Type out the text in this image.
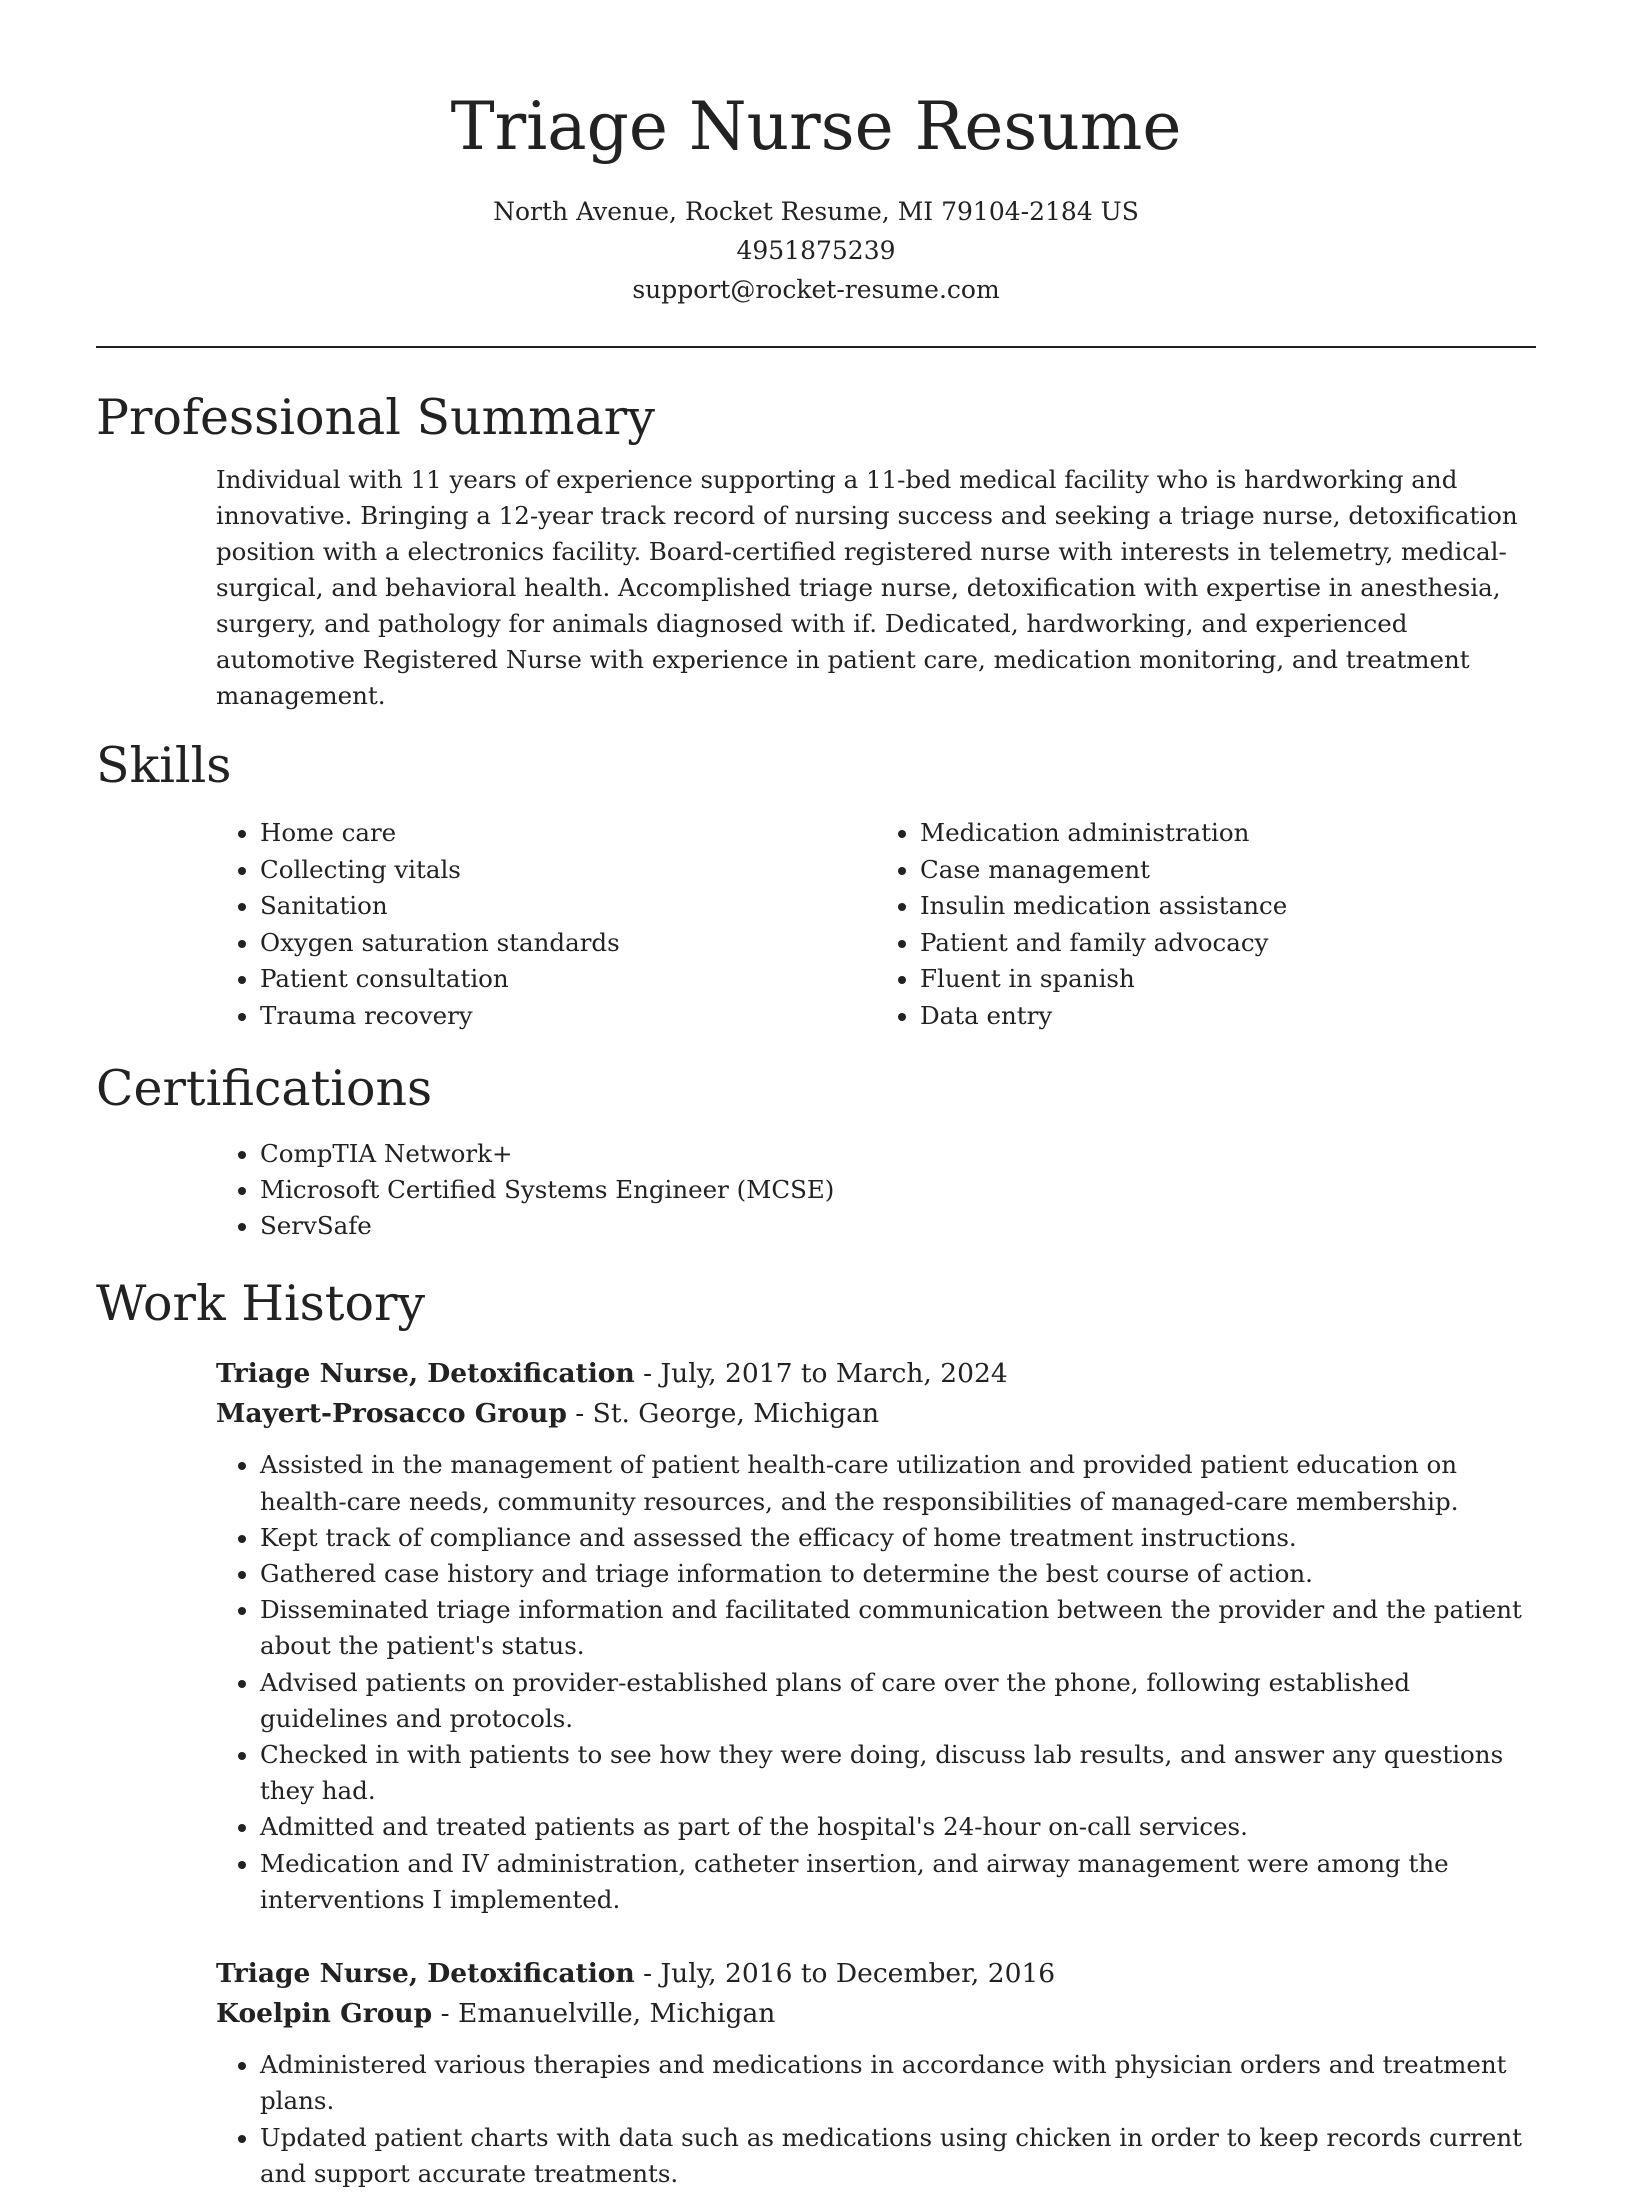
Triage Nurse Resume
North Avenue, Rocket Resume, MI 79104-2184 US
4951875239
support@rocket-resume.com
Professional Summary

Individual with 11 years of experience supporting a 11-bed medical facility who is hardworking and innovative. Bringing a 12-year track record of nursing success and seeking a triage nurse, detoxification position with a electronics facility. Board-certified registered nurse with interests in telemetry, medical-surgical, and behavioral health. Accomplished triage nurse, detoxification with expertise in anesthesia, surgery, and pathology for animals diagnosed with if. Dedicated, hardworking, and experienced automotive Registered Nurse with experience in patient care, medication monitoring, and treatment management.

Skills
• Home care
• Collecting vitals
• Sanitation
• Oxygen saturation standards
• Patient consultation
• Trauma recovery
• Medication administration
• Case management
• Insulin medication assistance
• Patient and family advocacy
• Fluent in spanish
• Data entry
Certifications
• CompTIA Network+
• Microsoft Certified Systems Engineer (MCSE)
• ServSafe
Work History
Triage Nurse, Detoxification - July, 2017 to March, 2024
Mayert-Prosacco Group - St. George, Michigan
• Assisted in the management of patient health-care utilization and provided patient education on health-care needs, community resources, and the responsibilities of managed-care membership.
• Kept track of compliance and assessed the efficacy of home treatment instructions.
• Gathered case history and triage information to determine the best course of action.
• Disseminated triage information and facilitated communication between the provider and the patient about the patient's status.
• Advised patients on provider-established plans of care over the phone, following established guidelines and protocols.
• Checked in with patients to see how they were doing, discuss lab results, and answer any questions they had.
• Admitted and treated patients as part of the hospital's 24-hour on-call services.
• Medication and IV administration, catheter insertion, and airway management were among the interventions I implemented.
Triage Nurse, Detoxification - July, 2016 to December, 2016
Koelpin Group - Emanuelville, Michigan
• Administered various therapies and medications in accordance with physician orders and treatment plans.
• Updated patient charts with data such as medications using chicken in order to keep records current and support accurate treatments.
